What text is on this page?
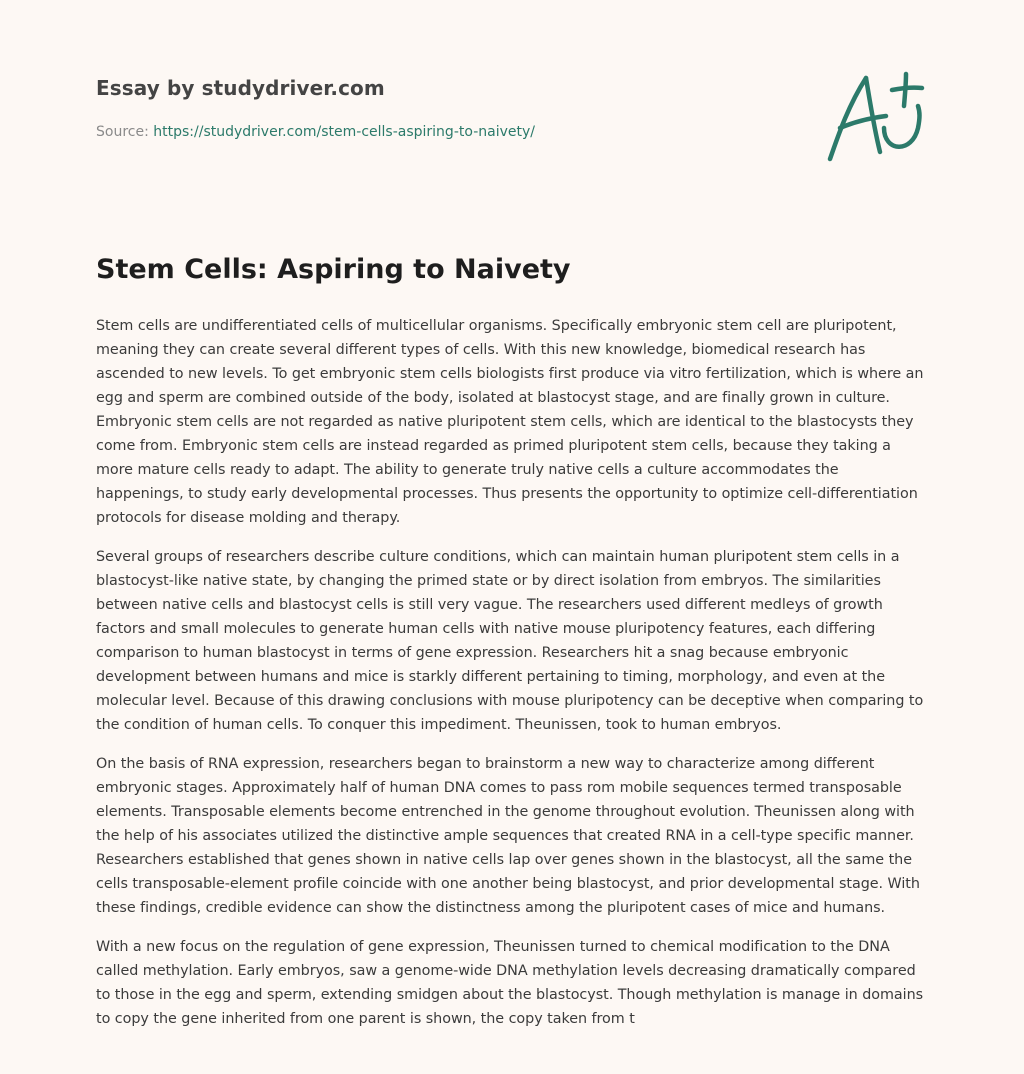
Essay by studydriver.com
Source: https://studydriver.com/stem-cells-aspiring-to-naivety/
Stem Cells: Aspiring to Naivety

Stem cells are undifferentiated cells of multicellular organisms. Specifically embryonic stem cell are pluripotent, meaning they can create several different types of cells. With this new knowledge, biomedical research has ascended to new levels. To get embryonic stem cells biologists first produce via vitro fertilization, which is where an egg and sperm are combined outside of the body, isolated at blastocyst stage, and are finally grown in culture. Embryonic stem cells are not regarded as native pluripotent stem cells, which are identical to the blastocysts they come from. Embryonic stem cells are instead regarded as primed pluripotent stem cells, because they taking a more mature cells ready to adapt. The ability to generate truly native cells a culture accommodates the happenings, to study early developmental processes. Thus presents the opportunity to optimize cell-differentiation protocols for disease molding and therapy.

Several groups of researchers describe culture conditions, which can maintain human pluripotent stem cells in a blastocyst-like native state, by changing the primed state or by direct isolation from embryos. The similarities between native cells and blastocyst cells is still very vague. The researchers used different medleys of growth factors and small molecules to generate human cells with native mouse pluripotency features, each differing comparison to human blastocyst in terms of gene expression. Researchers hit a snag because embryonic development between humans and mice is starkly different pertaining to timing, morphology, and even at the molecular level. Because of this drawing conclusions with mouse pluripotency can be deceptive when comparing to the condition of human cells. To conquer this impediment. Theunissen, took to human embryos.

On the basis of RNA expression, researchers began to brainstorm a new way to characterize among different embryonic stages. Approximately half of human DNA comes to pass rom mobile sequences termed transposable elements. Transposable elements become entrenched in the genome throughout evolution. Theunissen along with the help of his associates utilized the distinctive ample sequences that created RNA in a cell-type specific manner. Researchers established that genes shown in native cells lap over genes shown in the blastocyst, all the same the cells transposable-element profile coincide with one another being blastocyst, and prior developmental stage. With these findings, credible evidence can show the distinctness among the pluripotent cases of mice and humans.

With a new focus on the regulation of gene expression, Theunissen turned to chemical modification to the DNA called methylation. Early embryos, saw a genome-wide DNA methylation levels decreasing dramatically compared to those in the egg and sperm, extending smidgen about the blastocyst. Though methylation is manage in domains to copy the gene inherited from one parent is shown, the copy taken from t
